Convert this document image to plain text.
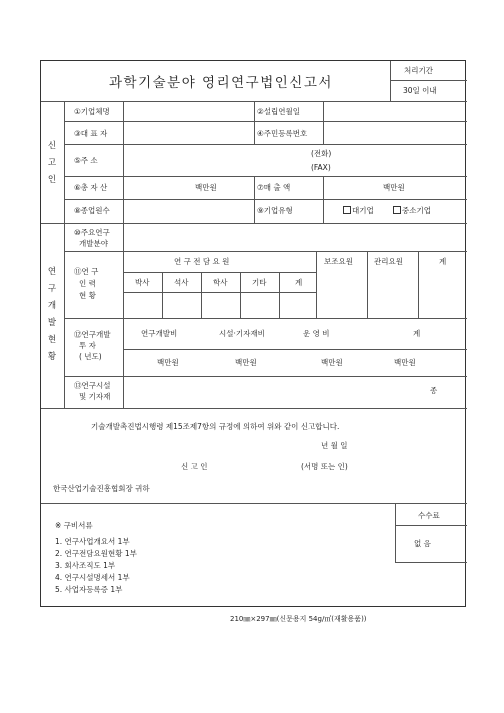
과학기술분야 영리연구법인신고서
처리기간
30일 이내
신
고
인
①기업체명	②설립연월일
③대 표 자	④주민등록번호
⑤주 소
(전화)
(FAX)
⑥총 자 산	백만원	⑦매 출 액	백만원
⑧종업원수	⑨기업유형	대기업	중소기업
연
구
개
발
현
황
⑩주요연구
개발분야
⑪연 구
인 력
현 황
연 구 전 담 요 원	보조요원	관리요원	계
박사	석사	학사	기타	계
⑫연구개발
투 자
( 년도)
연구개발비	시설·기자재비	운 영 비	계
백만원	백만원	백만원	백만원
⑬연구시설
및 기자재
종
기술개발촉진법시행령 제15조제7항의 규정에 의하여 위와 같이 신고합니다.
년 월 일
신 고 인	(서명 또는 인)
한국산업기술진흥협회장 귀하
※ 구비서류
1. 연구사업개요서 1부
2. 연구전담요원현황 1부
3. 회사조직도 1부
4. 연구시설명세서 1부
5. 사업자등록증 1부
수수료
없 음
210㎜×297㎜(신문용지 54g/㎡(재활용품))
